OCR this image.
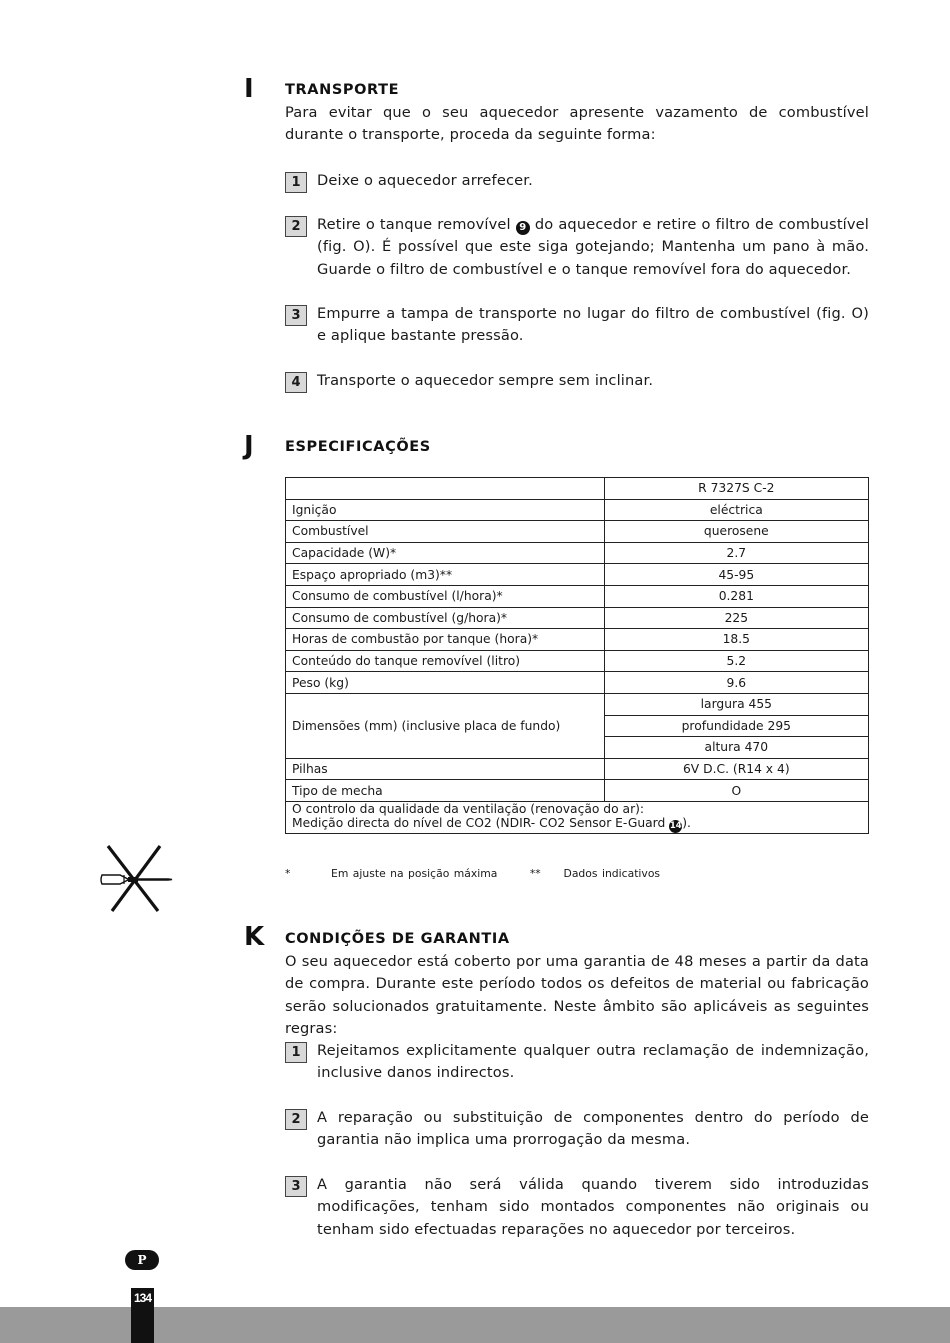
I TRANSPORTE
Para evitar que o seu aquecedor apresente vazamento de combustível durante o transporte, proceda da seguinte forma:
1	Deixe o aquecedor arrefecer.
2	Retire o tanque removível 9 do aquecedor e retire o filtro de combustível (fig. O). É possível que este siga gotejando; Mantenha um pano à mão. Guarde o filtro de combustível e o tanque removível fora do aquecedor.
3	Empurre a tampa de transporte no lugar do filtro de combustível (fig. O) e aplique bastante pressão.
4	Transporte o aquecedor sempre sem inclinar.
J ESPECIFICAÇÕES
	R 7327S C-2
Ignição	eléctrica
Combustível	querosene
Capacidade (W)*	2.7
Espaço apropriado (m3)**	45-95
Consumo de combustível (l/hora)*	0.281
Consumo de combustível (g/hora)*	225
Horas de combustão por tanque (hora)*	18.5
Conteúdo do tanque removível (litro)	5.2
Peso (kg)	9.6
Dimensões (mm) (inclusive placa de fundo)	largura 455
	profundidade 295
	altura 470
Pilhas	6V D.C. (R14 x 4)
Tipo de mecha	O

O controlo da qualidade da ventilação (renovação do ar):
Medição directa do nível de CO2 (NDIR- CO2 Sensor E-Guard 14).	
*	Em ajuste na posição máxima	** Dados indicativos
K CONDIÇÕES DE GARANTIA
O seu aquecedor está coberto por uma garantia de 48 meses a partir da data de compra. Durante este período todos os defeitos de material ou fabricação serão solucionados gratuitamente. Neste âmbito são aplicáveis as seguintes regras:
1	Rejeitamos explicitamente qualquer outra reclamação de indemnização, inclusive danos indirectos.
2	A reparação ou substituição de componentes dentro do período de garantia não implica uma prorrogação da mesma.
3	A garantia não será válida quando tiverem sido introduzidas modificações, tenham sido montados componentes não originais ou tenham sido efectuadas reparações no aquecedor por terceiros.
P
134
